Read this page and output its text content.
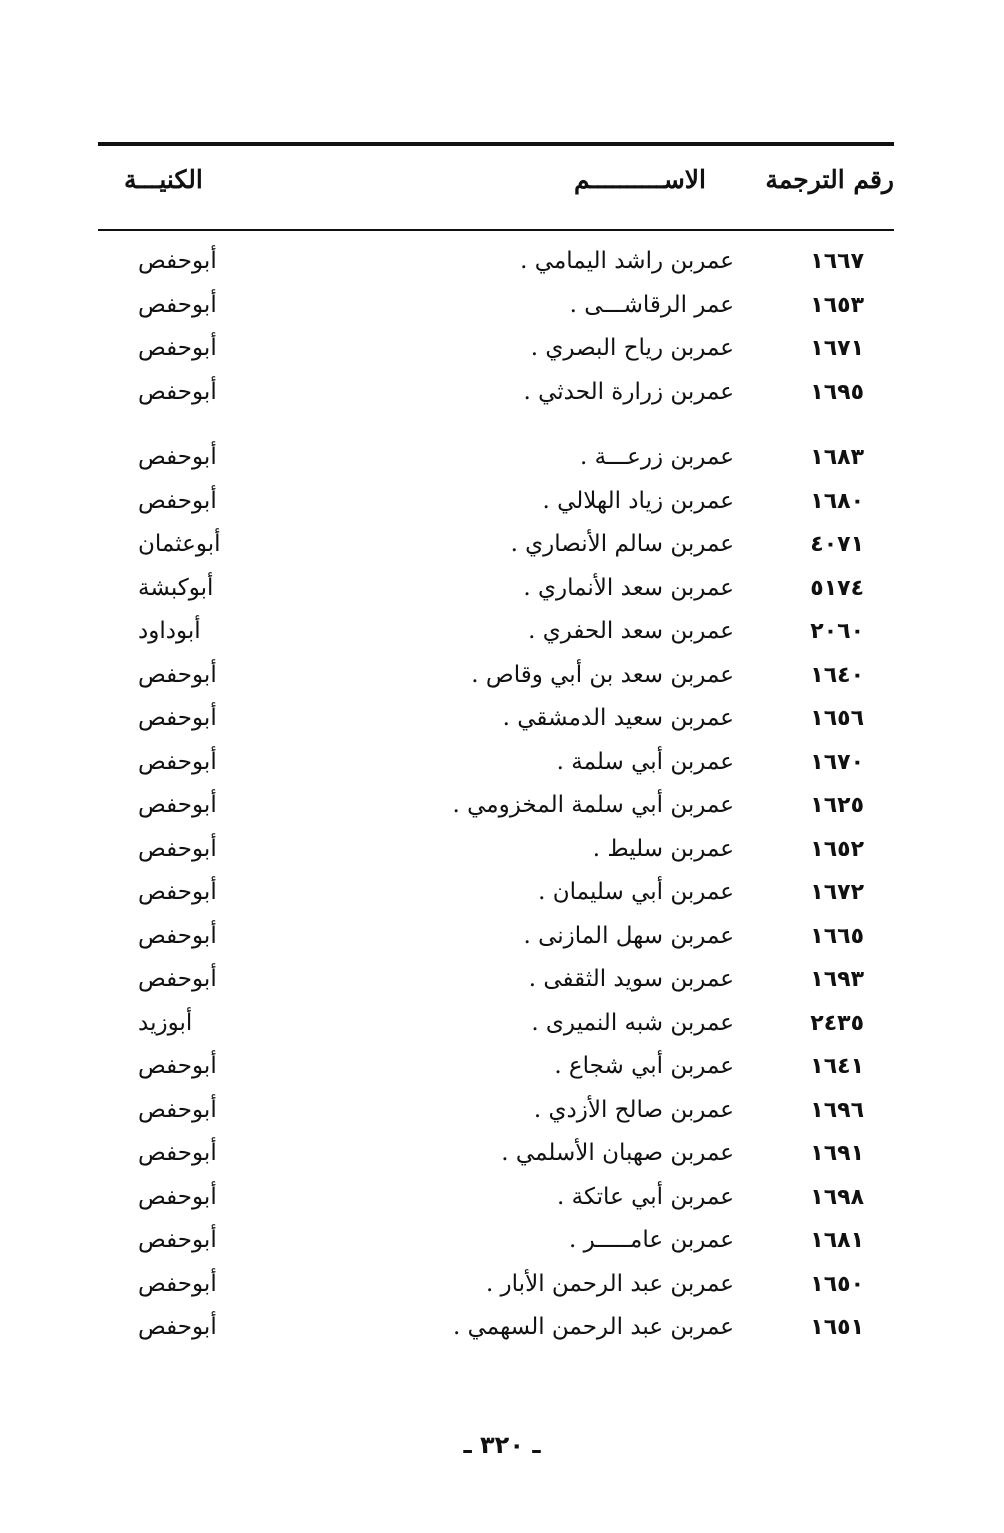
رقم الترجمة
الاســــــــــم
الكنيـــة
١٦٦٧
عمربن راشد اليمامي .
أبوحفص
١٦٥٣
عمر الرقاشـــى .
أبوحفص
١٦٧١
عمربن رياح البصري .
أبوحفص
١٦٩٥
عمربن زرارة الحدثي .
أبوحفص
١٦٨٣
عمربن زرعـــة .
أبوحفص
١٦٨٠
عمربن زياد الهلالي .
أبوحفص
٤٠٧١
عمربن سالم الأنصاري .
أبوعثمان
٥١٧٤
عمربن سعد الأنماري .
أبوكبشة
٢٠٦٠
عمربن سعد الحفري .
أبوداود
١٦٤٠
عمربن سعد بن أبي وقاص .
أبوحفص
١٦٥٦
عمربن سعيد الدمشقي .
أبوحفص
١٦٧٠
عمربن أبي سلمة .
أبوحفص
١٦٢٥
عمربن أبي سلمة المخزومي .
أبوحفص
١٦٥٢
عمربن سليط .
أبوحفص
١٦٧٢
عمربن أبي سليمان .
أبوحفص
١٦٦٥
عمربن سهل المازنى .
أبوحفص
١٦٩٣
عمربن سويد الثقفى .
أبوحفص
٢٤٣٥
عمربن شبه النميرى .
أبوزيد
١٦٤١
عمربن أبي شجاع .
أبوحفص
١٦٩٦
عمربن صالح الأزدي .
أبوحفص
١٦٩١
عمربن صهبان الأسلمي .
أبوحفص
١٦٩٨
عمربن أبي عاتكة .
أبوحفص
١٦٨١
عمربن عامـــــر .
أبوحفص
١٦٥٠
عمربن عبد الرحمن الأبار .
أبوحفص
١٦٥١
عمربن عبد الرحمن السهمي .
أبوحفص
ـ ٣٢٠ ـ
